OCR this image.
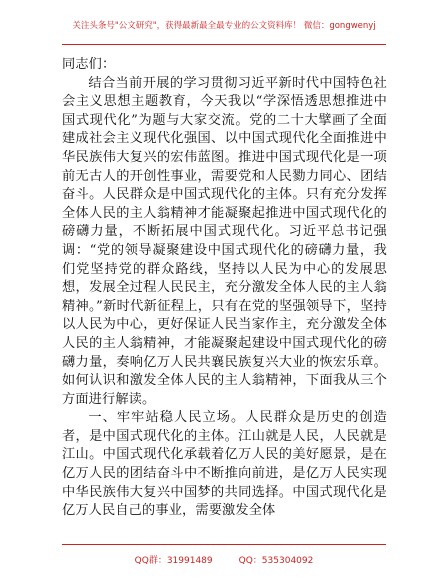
关注头条号"公文研究"，获得最新最全最专业的公文资料库！ 微信：gongwenyj

同志们：

结合当前开展的学习贯彻习近平新时代中国特色社会主义思想主题教育，今天我以“学深悟透思想推进中国式现代化”为题与大家交流。党的二十大擘画了全面建成社会主义现代化强国、以中国式现代化全面推进中华民族伟大复兴的宏伟蓝图。推进中国式现代化是一项前无古人的开创性事业，需要党和人民勠力同心、团结奋斗。人民群众是中国式现代化的主体。只有充分发挥全体人民的主人翁精神才能凝聚起推进中国式现代化的磅礴力量，不断拓展中国式现代化。习近平总书记强调：“党的领导凝聚建设中国式现代化的磅礴力量，我们党坚持党的群众路线，坚持以人民为中心的发展思想，发展全过程人民民主，充分激发全体人民的主人翁精神。”新时代新征程上，只有在党的坚强领导下，坚持以人民为中心，更好保证人民当家作主，充分激发全体人民的主人翁精神，才能凝聚起建设中国式现代化的磅礴力量，奏响亿万人民共襄民族复兴大业的恢宏乐章。如何认识和激发全体人民的主人翁精神，下面我从三个方面进行解读。

一、牢牢站稳人民立场。人民群众是历史的创造者，是中国式现代化的主体。江山就是人民，人民就是江山。中国式现代化承载着亿万人民的美好愿景，是在亿万人民的团结奋斗中不断推向前进，是亿万人民实现中华民族伟大复兴中国梦的共同选择。中国式现代化是亿万人民自己的事业，需要激发全体

QQ群：31991489	QQ：535304092
